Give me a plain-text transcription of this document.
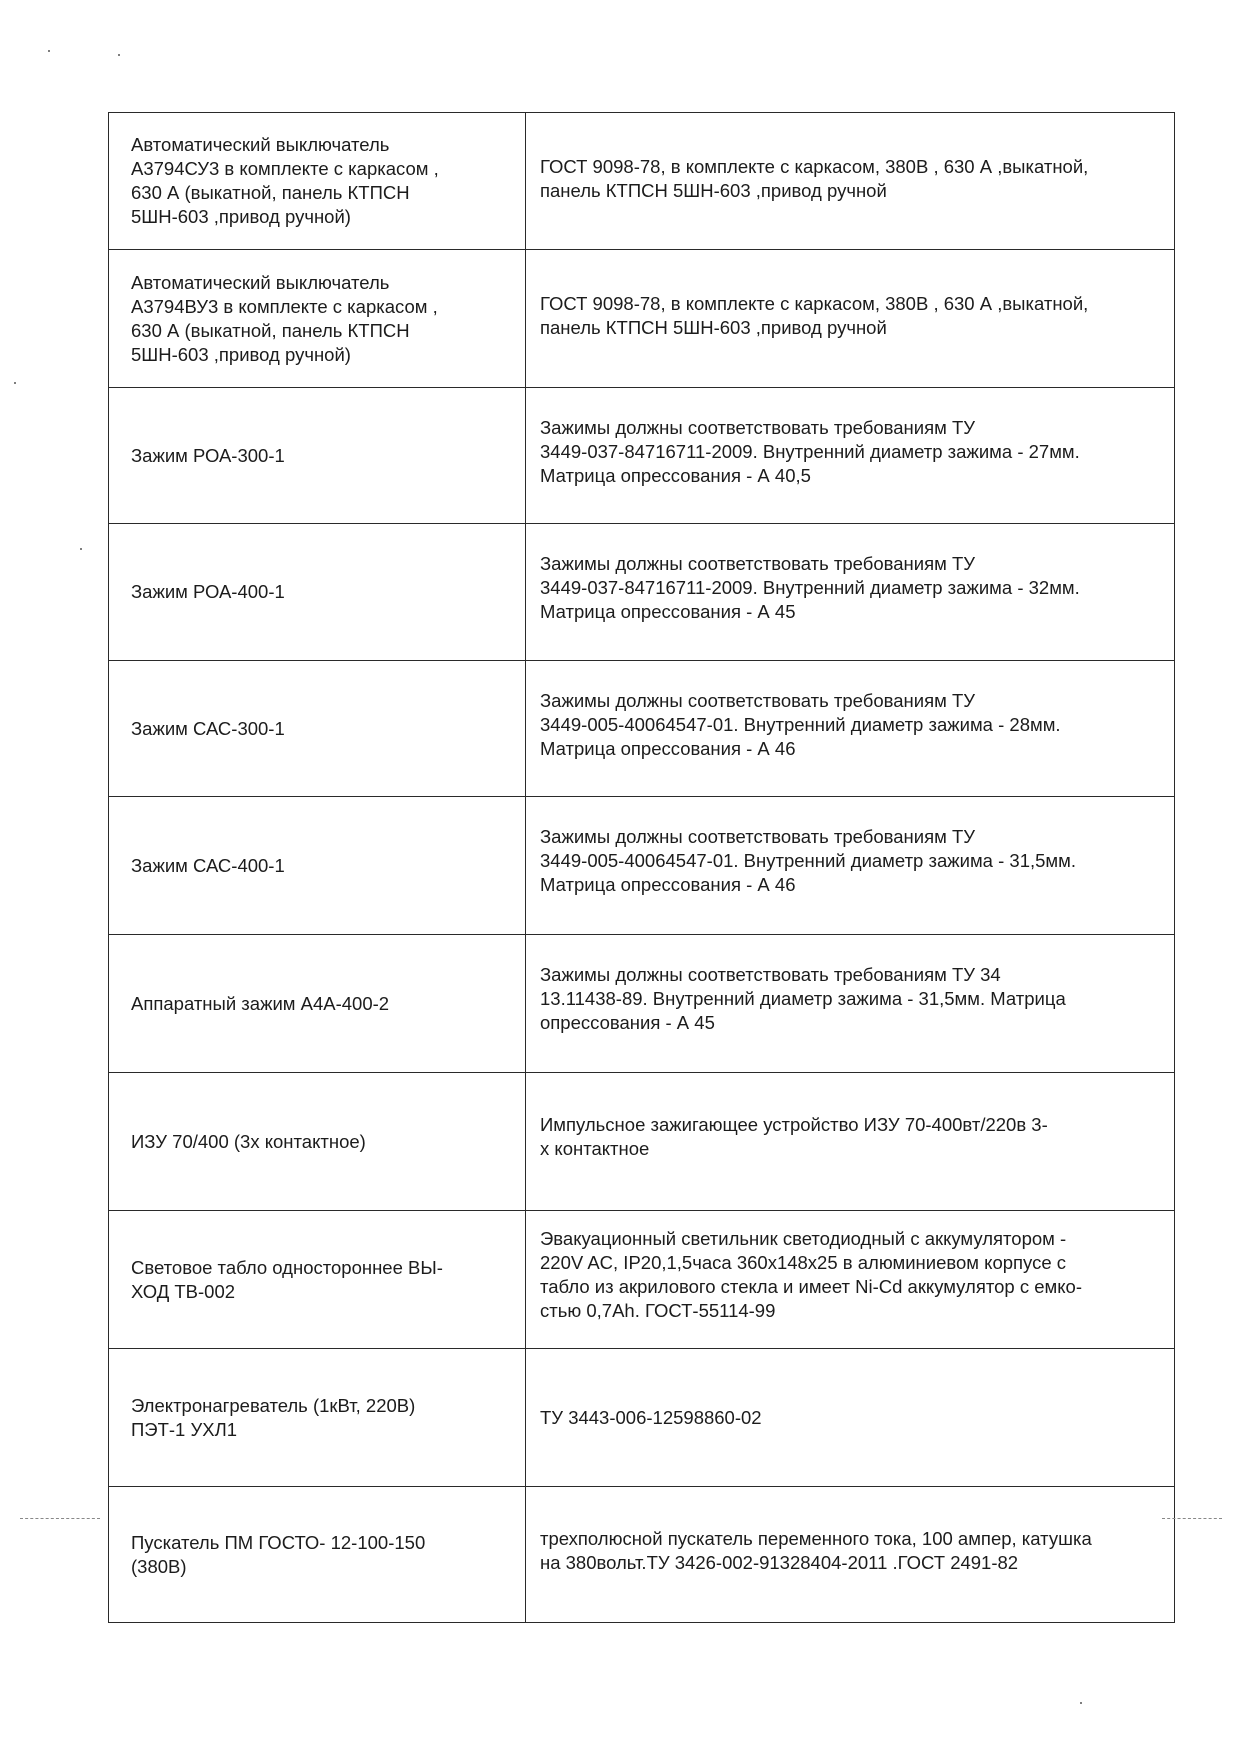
Автоматический выключатель
А3794СУ3 в комплекте с каркасом ,
630 А (выкатной, панель КТПСН
5ШН-603 ,привод ручной)	ГОСТ 9098-78, в комплекте с каркасом, 380В , 630 А ,выкатной,
панель КТПСН 5ШН-603 ,привод ручной
Автоматический выключатель
А3794ВУ3 в комплекте с каркасом ,
630 А (выкатной, панель КТПСН
5ШН-603 ,привод ручной)	ГОСТ 9098-78, в комплекте с каркасом, 380В , 630 А ,выкатной,
панель КТПСН 5ШН-603 ,привод ручной
Зажим РОА-300-1	Зажимы должны соответствовать требованиям ТУ
3449-037-84716711-2009. Внутренний диаметр зажима - 27мм.
Матрица опрессования - А 40,5
Зажим РОА-400-1	Зажимы должны соответствовать требованиям ТУ
3449-037-84716711-2009. Внутренний диаметр зажима - 32мм.
Матрица опрессования - А 45
Зажим САС-300-1	Зажимы должны соответствовать требованиям ТУ
3449-005-40064547-01. Внутренний диаметр зажима - 28мм.
Матрица опрессования - А 46
Зажим САС-400-1	Зажимы должны соответствовать требованиям ТУ
3449-005-40064547-01. Внутренний диаметр зажима - 31,5мм.
Матрица опрессования - А 46
Аппаратный зажим А4А-400-2	Зажимы должны соответствовать требованиям ТУ 34
13.11438-89. Внутренний диаметр зажима - 31,5мм. Матрица
опрессования - А 45
ИЗУ 70/400 (3х контактное)	Импульсное зажигающее устройство ИЗУ 70-400вт/220в 3-
х контактное
Световое табло одностороннее ВЫ-
ХОД ТВ-002	Эвакуационный светильник светодиодный с аккумулятором -
220V AC, IP20,1,5часа 360х148х25 в алюминиевом корпусе с
табло из акрилового стекла и имеет Ni-Cd аккумулятор с емко-
стью 0,7Ah. ГОСТ-55114-99
Электронагреватель (1кВт, 220В)
ПЭТ-1 УХЛ1	ТУ 3443-006-12598860-02
Пускатель ПМ ГОСТО- 12-100-150
(380В)	трехполюсной пускатель переменного тока, 100 ампер, катушка
на 380вольт.ТУ 3426-002-91328404-2011 .ГОСТ 2491-82
